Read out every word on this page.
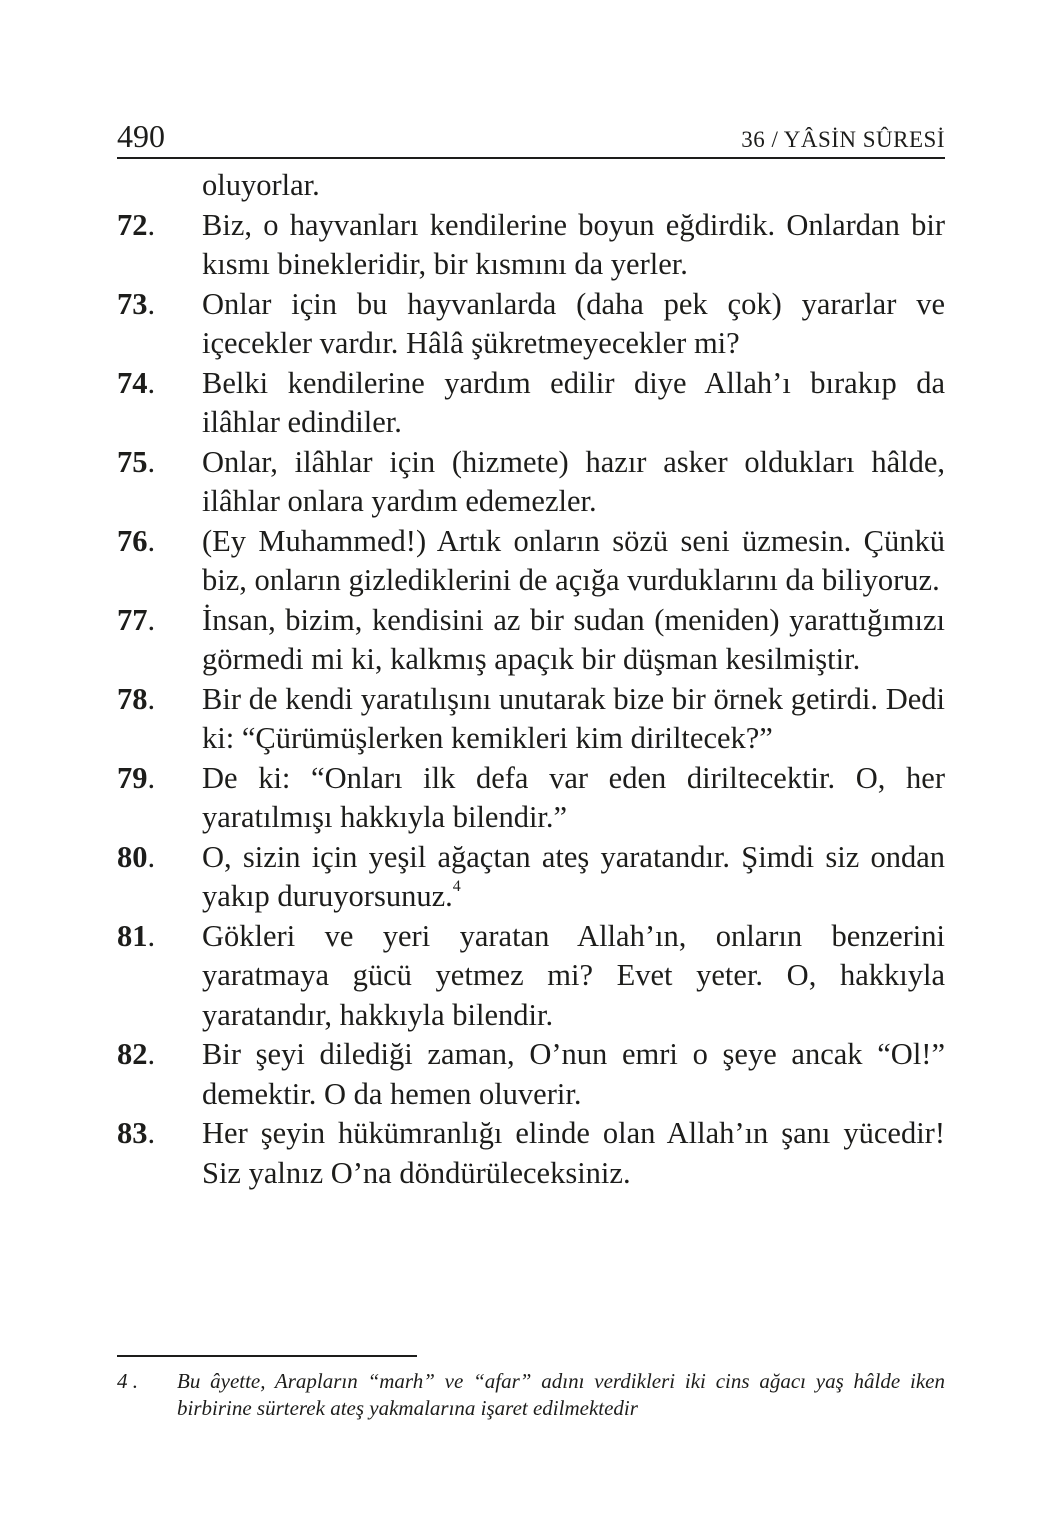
490	36 / YÂSİN SÛRESİ
oluyorlar.
72. Biz, o hayvanları kendilerine boyun eğdirdik. Onlardan bir kısmı binekleridir, bir kısmını da yerler.
73. Onlar için bu hayvanlarda (daha pek çok) yararlar ve içecekler vardır. Hâlâ şükretmeyecekler mi?
74. Belki kendilerine yardım edilir diye Allah’ı bırakıp da ilâhlar edindiler.
75. Onlar, ilâhlar için (hizmete) hazır asker oldukları hâlde, ilâhlar onlara yardım edemezler.
76. (Ey Muhammed!) Artık onların sözü seni üzmesin. Çünkü biz, onların gizlediklerini de açığa vurduklarını da biliyoruz.
77. İnsan, bizim, kendisini az bir sudan (meniden) yarattığımızı görmedi mi ki, kalkmış apaçık bir düşman kesilmiştir.
78. Bir de kendi yaratılışını unutarak bize bir örnek getirdi. Dedi ki: “Çürümüşlerken kemikleri kim diriltecek?”
79. De ki: “Onları ilk defa var eden diriltecektir. O, her yaratılmışı hakkıyla bilendir.”
80. O, sizin için yeşil ağaçtan ateş yaratandır. Şimdi siz ondan yakıp duruyorsunuz.$^4$
81. Gökleri ve yeri yaratan Allah’ın, onların benzerini yaratmaya gücü yetmez mi? Evet yeter. O, hakkıyla yaratandır, hakkıyla bilendir.
82. Bir şeyi dilediği zaman, O’nun emri o şeye ancak “Ol!” demektir. O da hemen oluverir.
83. Her şeyin hükümranlığı elinde olan Allah’ın şanı yücedir! Siz yalnız O’na döndürüleceksiniz.
4 .	Bu âyette, Arapların “marh” ve “afar” adını verdikleri iki cins ağacı yaş hâlde iken birbirine sürterek ateş yakmalarına işaret edilmektedir
